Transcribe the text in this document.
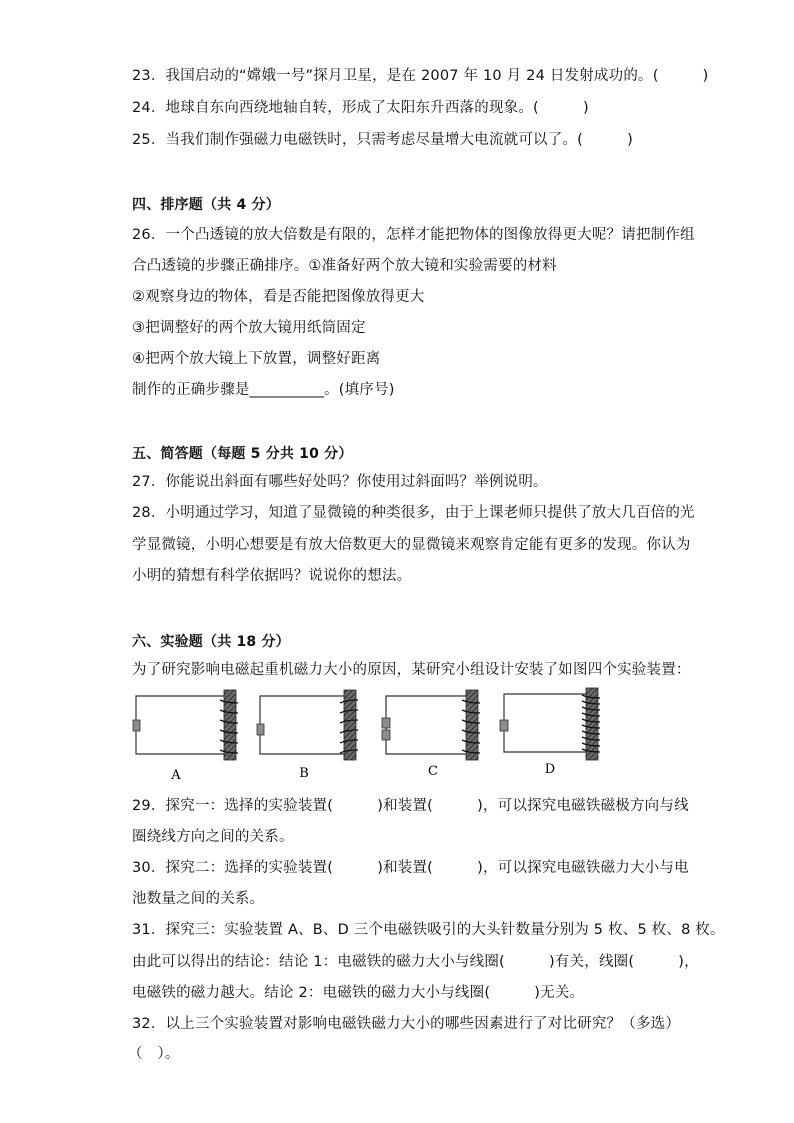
23．我国启动的“嫦娥一号”探月卫星，是在 2007 年 10 月 24 日发射成功的。(　　　)
24．地球自东向西绕地轴自转，形成了太阳东升西落的现象。(　　　)
25．当我们制作强磁力电磁铁时，只需考虑尽量增大电流就可以了。(　　　)
四、排序题（共 4 分）
26．一个凸透镜的放大倍数是有限的，怎样才能把物体的图像放得更大呢？请把制作组
合凸透镜的步骤正确排序。①准备好两个放大镜和实验需要的材料
②观察身边的物体，看是否能把图像放得更大
③把调整好的两个放大镜用纸筒固定
④把两个放大镜上下放置，调整好距离
制作的正确步骤是__________。(填序号)
五、简答题（每题 5 分共 10 分）
27．你能说出斜面有哪些好处吗？你使用过斜面吗？举例说明。
28．小明通过学习，知道了显微镜的种类很多，由于上课老师只提供了放大几百倍的光
学显微镜，小明心想要是有放大倍数更大的显微镜来观察肯定能有更多的发现。你认为
小明的猜想有科学依据吗？说说你的想法。
六、实验题（共 18 分）
为了研究影响电磁起重机磁力大小的原因，某研究小组设计安装了如图四个实验装置：
A	B	C	D
29．探究一：选择的实验装置(　　　)和装置(　　　)，可以探究电磁铁磁极方向与线
圈绕线方向之间的关系。
30．探究二：选择的实验装置(　　　)和装置(　　　)，可以探究电磁铁磁力大小与电
池数量之间的关系。
31．探究三：实验装置 A、B、D 三个电磁铁吸引的大头针数量分别为 5 枚、5 枚、8 枚。
由此可以得出的结论：结论 1：电磁铁的磁力大小与线圈(　　　)有关，线圈(　　　)，
电磁铁的磁力越大。结论 2：电磁铁的磁力大小与线圈(　　　)无关。
32．以上三个实验装置对影响电磁铁磁力大小的哪些因素进行了对比研究？（多选）
（　）。
